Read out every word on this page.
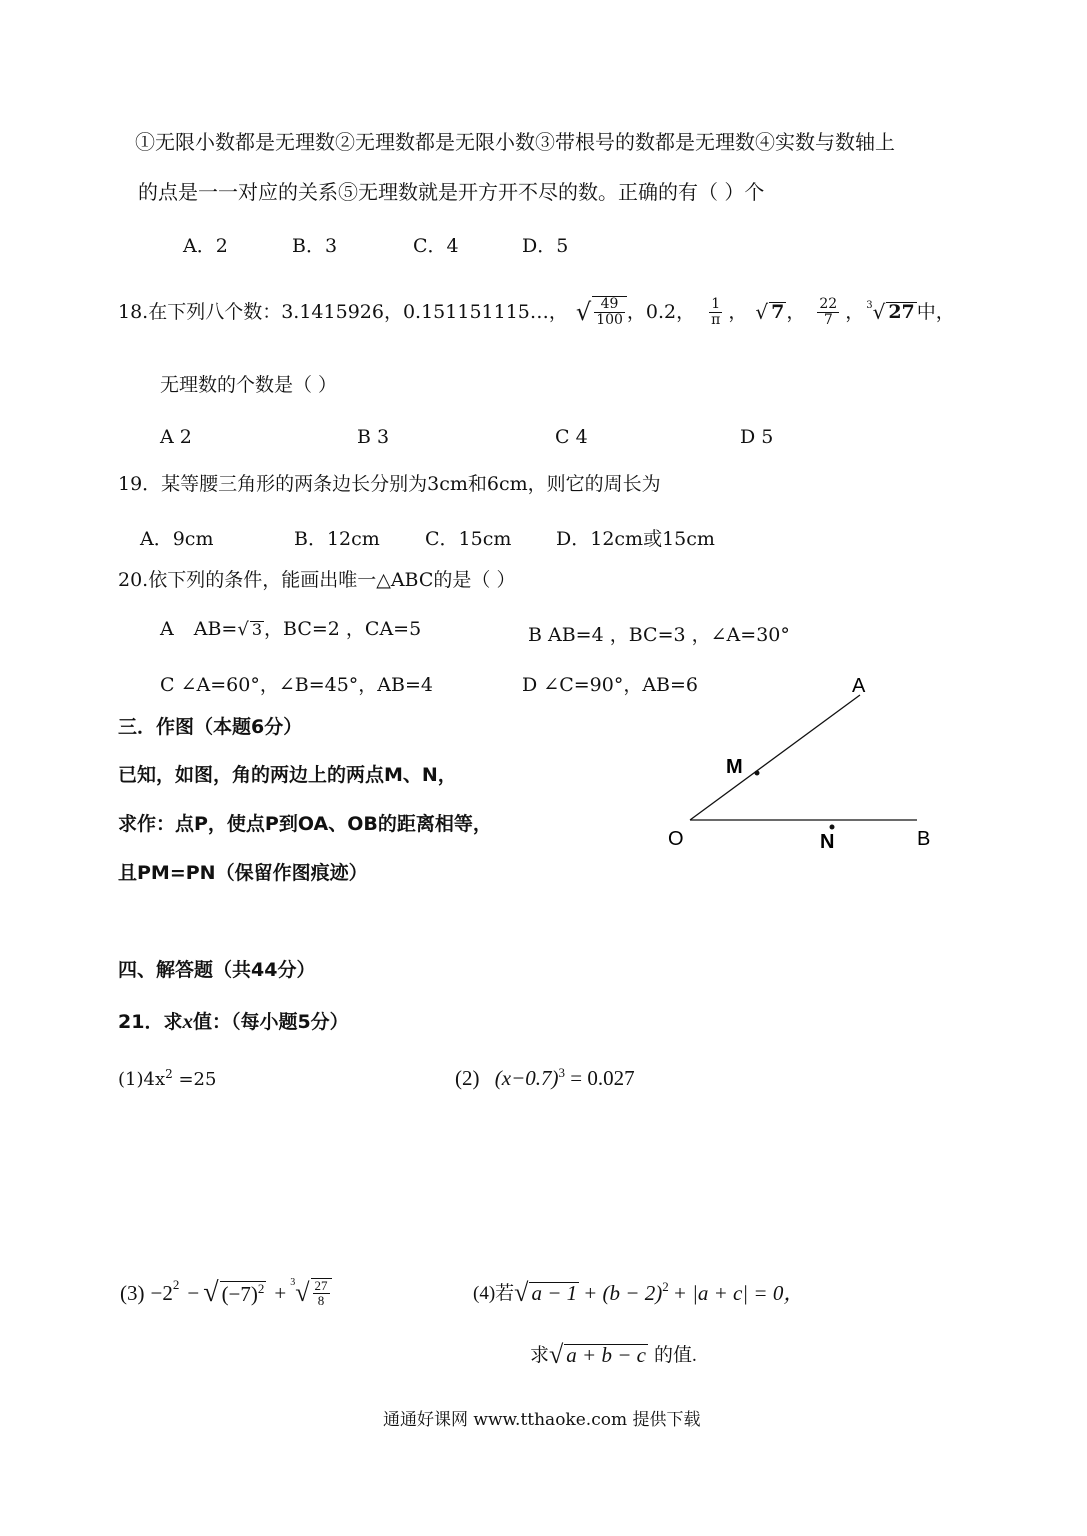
①无限小数都是无理数②无理数都是无限小数③带根号的数都是无理数④实数与数轴上
的点是一一对应的关系⑤无理数就是开方开不尽的数。正确的有（ ）个
A．2	B．3	C．4	D．5
18.在下列八个数：3.1415926，0.151151115…， √ $\frac{49}{100}$ ，0.2， $\frac{1}{\pi}$ ， √ 7 ， $\frac{22}{7}$ ， 3 √ 27 中，
无理数的个数是（ ）
A 2	B 3	C 4	D 5
19．某等腰三角形的两条边长分别为3cm和6cm，则它的周长为
A．9cm	B．12cm C．15cm D．12cm或15cm
20.依下列的条件，能画出唯一△ABC的是（ ）
A AB= √ 3 ，BC=2 ，CA=5	B AB=4 ，BC=3 ，∠A=30°
C ∠A=60°，∠B=45°，AB=4	D ∠C=90°，AB=6
三．作图（本题6分）
已知，如图，角的两边上的两点M、N，
求作：点P，使点P到OA、OB的距离相等，
且PM=PN（保留作图痕迹）
A
M
O	N	B
四、解答题（共44分）
21．求x值：（每小题5分）
$(1)4x^2 =25$	(2) $(x-0.7)^3 = 0.027$
$(3) -2^2$ − √ $(-7)^2 + 3$ √ $\frac{27}{8}$	(4)若 √ $a - 1 + (b - 2)^2 + |a + c| = 0$，
求 √ a + b − c 的值.
通通好课网 www.tthaoke.com 提供下载
